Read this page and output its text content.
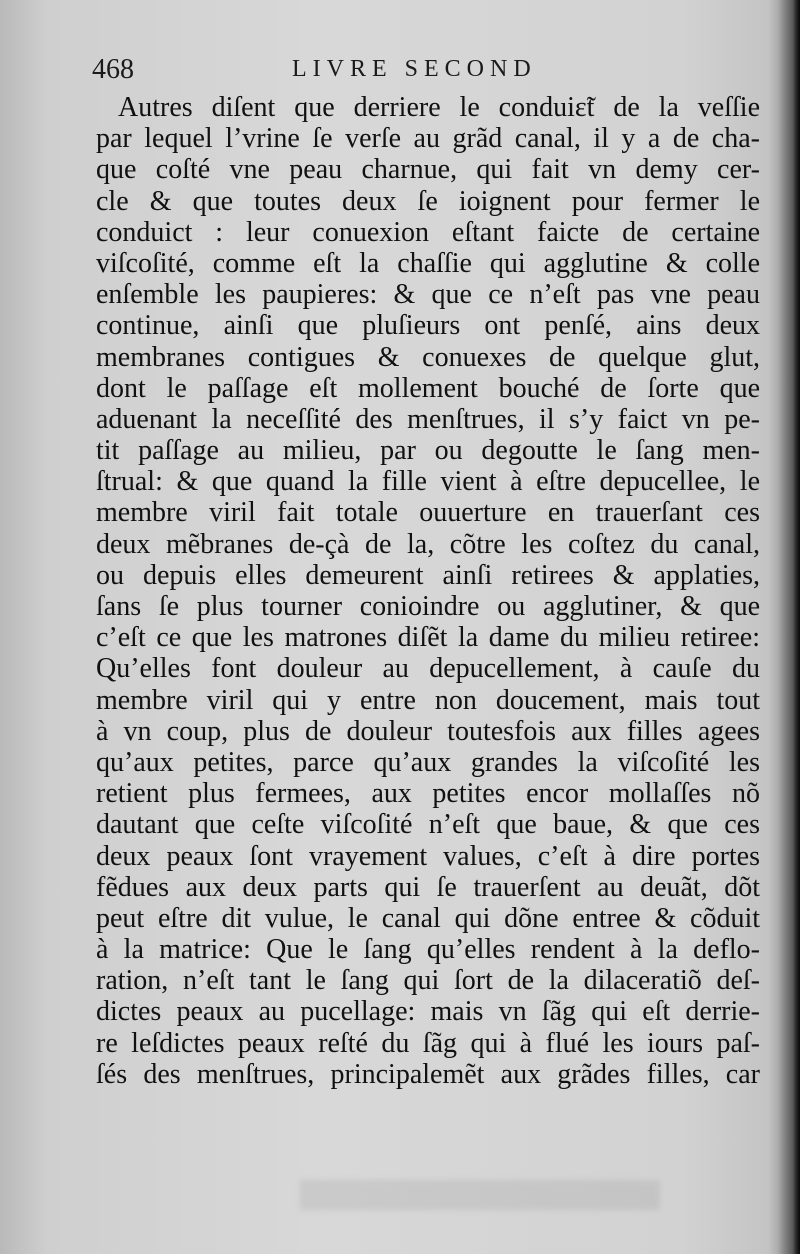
468	LIVRE SECOND
Autres diſent que derriere le conduiɛ̃t de la veſſie
par lequel l’vrine ſe verſe au grãd canal, il y a de cha-
que coſté vne peau charnue, qui fait vn demy cer-
cle & que toutes deux ſe ioignent pour fermer le
conduict : leur conuexion eſtant faicte de certaine
viſcoſité, comme eſt la chaſſie qui agglutine & colle
enſemble les paupieres: & que ce n’eſt pas vne peau
continue, ainſi que pluſieurs ont penſé, ains deux
membranes contigues & conuexes de quelque glut,
dont le paſſage eſt mollement bouché de ſorte que
aduenant la neceſſité des menſtrues, il s’y faict vn pe-
tit paſſage au milieu, par ou degoutte le ſang men-
ſtrual: & que quand la fille vient à eſtre depucellee, le
membre viril fait totale ouuerture en trauerſant ces
deux mẽbranes de-çà de la, cõtre les coſtez du canal,
ou depuis elles demeurent ainſi retirees & applaties,
ſans ſe plus tourner conioindre ou agglutiner, & que
c’eſt ce que les matrones diſẽt la dame du milieu retiree:
Qu’elles font douleur au depucellement, à cauſe du
membre viril qui y entre non doucement, mais tout
à vn coup, plus de douleur toutesfois aux filles agees
qu’aux petites, parce qu’aux grandes la viſcoſité les
retient plus fermees, aux petites encor mollaſſes nõ
dautant que ceſte viſcoſité n’eſt que baue, & que ces
deux peaux ſont vrayement values, c’eſt à dire portes
fẽdues aux deux parts qui ſe trauerſent au deuãt, dõt
peut eſtre dit vulue, le canal qui dõne entree & cõduit
à la matrice: Que le ſang qu’elles rendent à la deflo-
ration, n’eſt tant le ſang qui ſort de la dilaceratiõ deſ-
dictes peaux au pucellage: mais vn ſãg qui eſt derrie-
re leſdictes peaux reſté du ſãg qui à flué les iours paſ-
ſés des menſtrues, principalemẽt aux grãdes filles, car
